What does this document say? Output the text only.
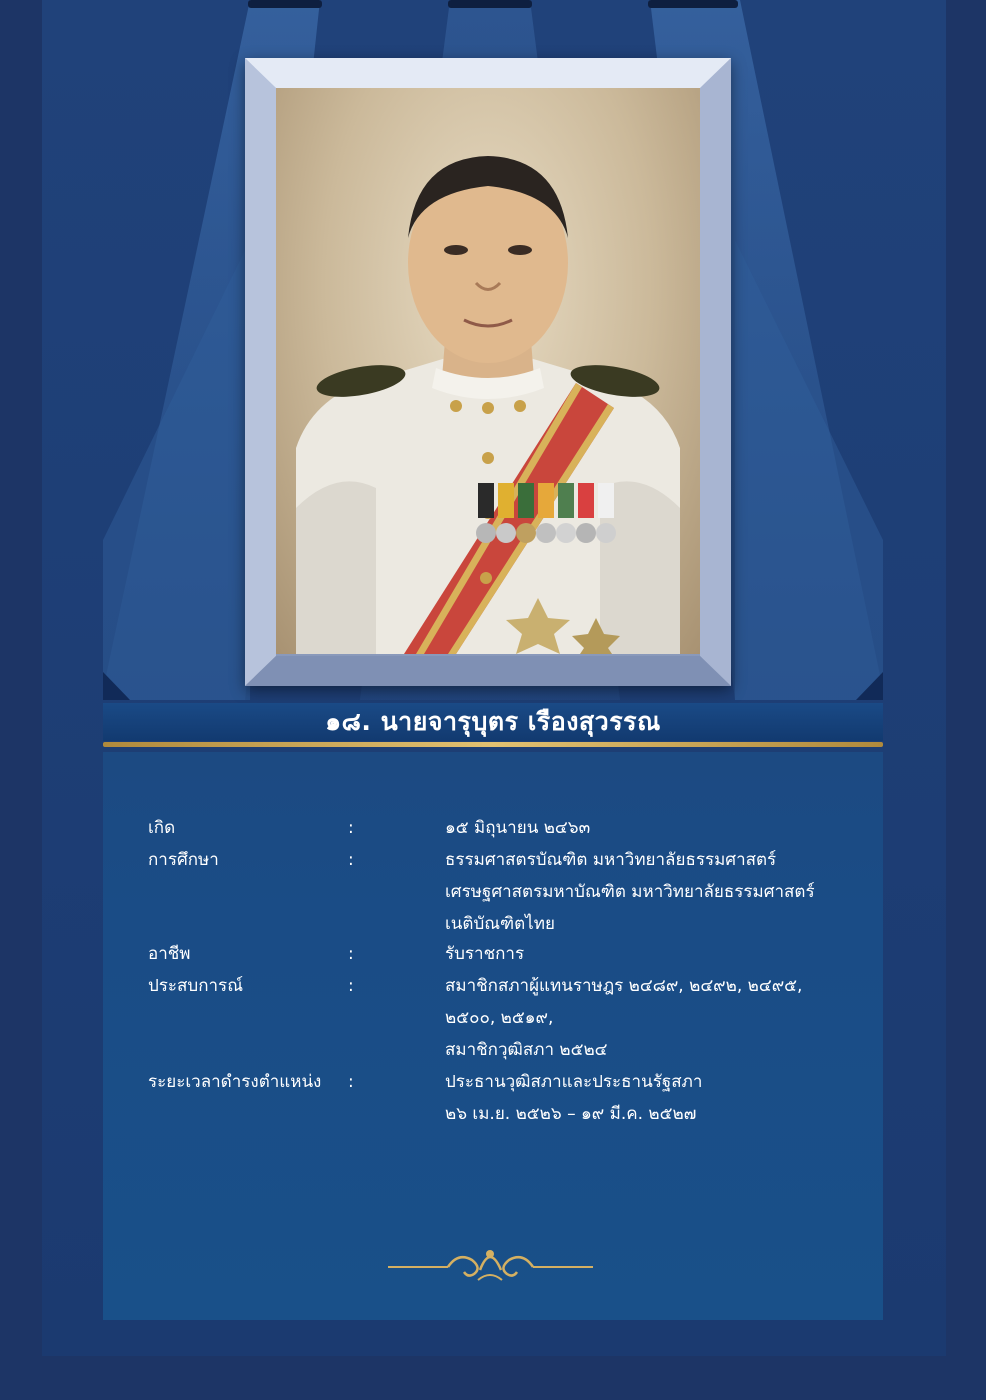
๑๘. นายจารุบุตร เรืองสุวรรณ
เกิด	:	๑๕ มิถุนายน ๒๔๖๓
การศึกษา	:	ธรรมศาสตรบัณฑิต มหาวิทยาลัยธรรมศาสตร์
เศรษฐศาสตรมหาบัณฑิต มหาวิทยาลัยธรรมศาสตร์
เนติบัณฑิตไทย
อาชีพ	:	รับราชการ
ประสบการณ์	:	สมาชิกสภาผู้แทนราษฎร ๒๔๘๙, ๒๔๙๒, ๒๔๙๕,
๒๕๐๐, ๒๕๑๙,
สมาชิกวุฒิสภา ๒๕๒๔
ระยะเวลาดำรงตำแหน่ง :	ประธานวุฒิสภาและประธานรัฐสภา
๒๖ เม.ย. ๒๕๒๖ – ๑๙ มี.ค. ๒๕๒๗
